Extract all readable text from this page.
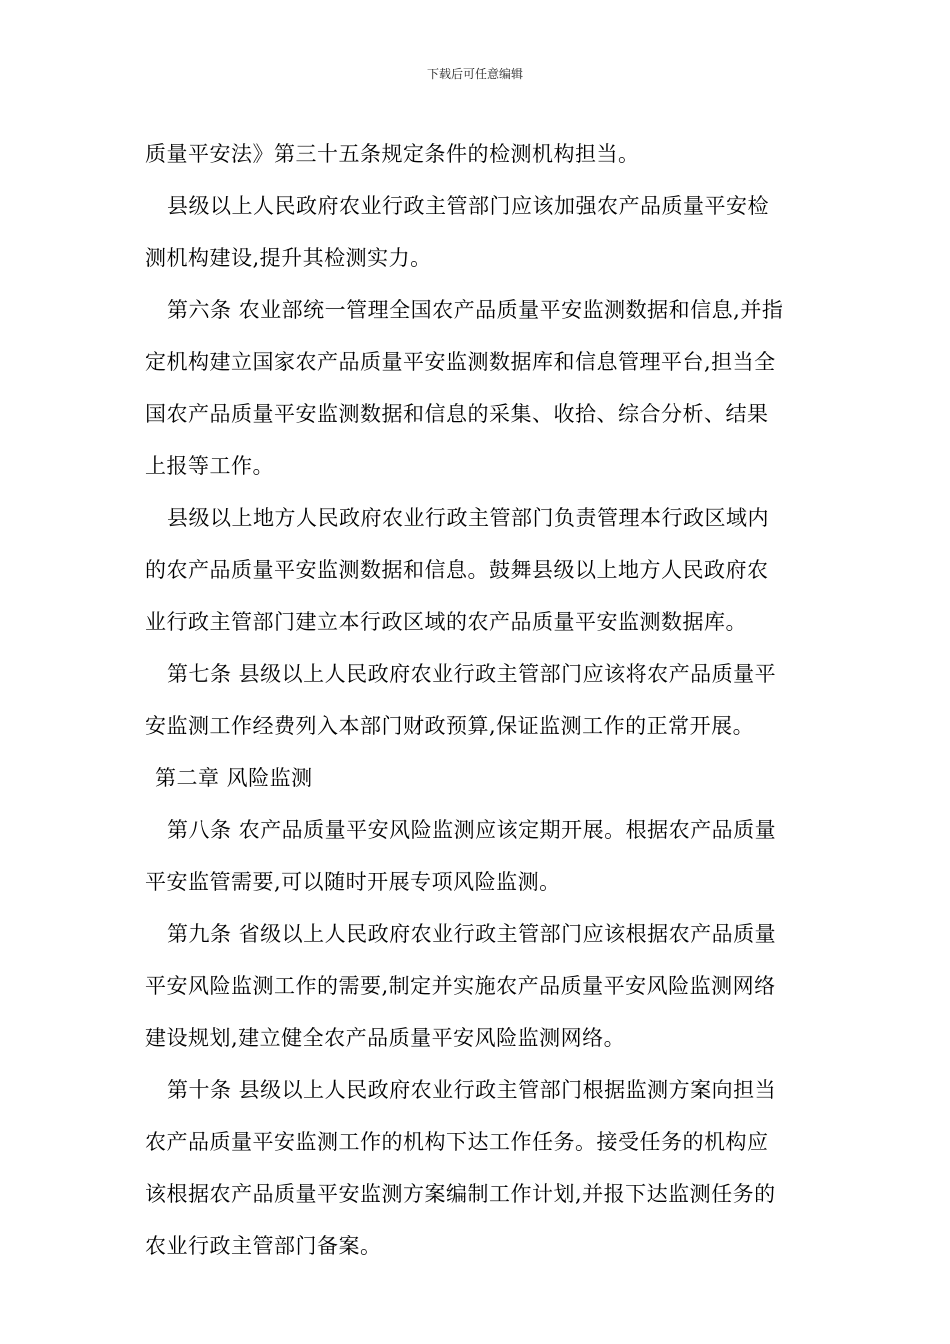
下载后可任意编辑
质量平安法》第三十五条规定条件的检测机构担当。
县级以上人民政府农业行政主管部门应该加强农产品质量平安检
测机构建设,提升其检测实力。
第六条 农业部统一管理全国农产品质量平安监测数据和信息,并指
定机构建立国家农产品质量平安监测数据库和信息管理平台,担当全
国农产品质量平安监测数据和信息的采集、收拾、综合分析、结果
上报等工作。
县级以上地方人民政府农业行政主管部门负责管理本行政区域内
的农产品质量平安监测数据和信息。鼓舞县级以上地方人民政府农
业行政主管部门建立本行政区域的农产品质量平安监测数据库。
第七条 县级以上人民政府农业行政主管部门应该将农产品质量平
安监测工作经费列入本部门财政预算,保证监测工作的正常开展。
第二章 风险监测
第八条 农产品质量平安风险监测应该定期开展。根据农产品质量
平安监管需要,可以随时开展专项风险监测。
第九条 省级以上人民政府农业行政主管部门应该根据农产品质量
平安风险监测工作的需要,制定并实施农产品质量平安风险监测网络
建设规划,建立健全农产品质量平安风险监测网络。
第十条 县级以上人民政府农业行政主管部门根据监测方案向担当
农产品质量平安监测工作的机构下达工作任务。接受任务的机构应
该根据农产品质量平安监测方案编制工作计划,并报下达监测任务的
农业行政主管部门备案。
